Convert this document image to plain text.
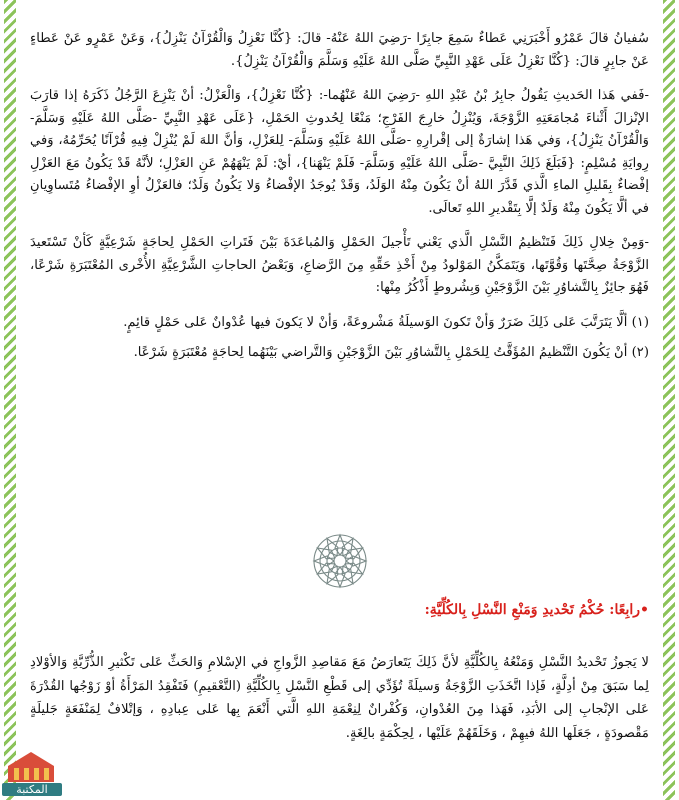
سُفيانُ قالَ عَمْرُو أَخْبَرَنِي عَطاءٌ سَمِعَ جابِرًا -رَضِيَ اللهُ عَنْهُ- قالَ: {كُنَّا نَعْزِلُ وَالْقُرْآنُ يَنْزِلُ}، وَعَنْ عَمْرٍو عَنْ عَطاءٍ عَنْ جابِرٍ قالَ: {كُنَّا نَعْزِلُ عَلَى عَهْدِ النَّبِيِّ صَلَّى اللهُ عَلَيْهِ وَسَلَّمَ وَالْقُرْآنُ يَنْزِلُ}.

-فَفي هَذا الحَديثِ يَقُولُ جابِرُ بْنُ عَبْدِ اللهِ -رَضِيَ اللهُ عَنْهُما-: {كُنَّا نَعْزِلُ}، وَالْعَزْلُ: أنْ يَنْزِعَ الرَّجُلُ ذَكَرَهُ إذا قارَبَ الإنْزالَ أَثْناءَ مُجامَعَتِهِ الزَّوْجَةَ، وَيُنْزِلُ خارِجَ الفَرْجِ؛ مَنْعًا لِحُدوثِ الحَمْلِ، {عَلَى عَهْدِ النَّبِيِّ -صَلَّى اللهُ عَلَيْهِ وَسَلَّمَ- وَالْقُرْآنُ يَنْزِلُ}، وَفي هَذا إشارَةٌ إلى إقْرارِهِ -صَلَّى اللهُ عَلَيْهِ وَسَلَّمَ- لِلعَزْلِ، وَأنَّ اللهَ لَمْ يُنْزِلْ فِيهِ قُرْآنًا يُحَرِّمُهُ، وَفي رِوايَةِ مُسْلِمٍ: {فَبَلَغَ ذَلِكَ النَّبِيَّ -صَلَّى اللهُ عَلَيْهِ وَسَلَّمَ- فَلَمْ يَنْهَنا}، أيْ: لَمْ يَنْهَهُمْ عَنِ العَزْلِ؛ لأنَّهُ قَدْ يَكُونُ مَعَ العَزْلِ إفْضاءٌ بِقَليلِ الماءِ الَّذي قَدَّرَ اللهُ أنْ يَكُونَ مِنْهُ الوَلَدُ، وَقَدْ يُوجَدُ الإفْضاءُ وَلا يَكُونُ وَلَدٌ؛ فالعَزْلُ أوِ الإفْضاءُ مُتَساوِيانِ في ألَّا يَكُونَ مِنْهُ وَلَدٌ إلَّا بِتَقْديرِ اللهِ تَعالَى.

-وَمِنْ خِلالِ ذَلِكَ فَتَنْظيمُ النَّسْلِ الَّذي يَعْني تَأْجيلَ الحَمْلِ وَالمُباعَدَةَ بَيْنَ فَتَراتِ الحَمْلِ لِحاجَةٍ شَرْعِيَّةٍ كَأنْ تَسْتَعيدَ الزَّوْجَةُ صِحَّتَها وَقُوَّتَها، وَيَتَمَكَّنُ المَوْلودُ مِنْ أَخْذِ حَقِّهِ مِنَ الرَّضاعِ، وَبَعْضُ الحاجاتِ الشَّرْعِيَّةِ الأُخْرى المُعْتَبَرَةِ شَرْعًا، فَهُوَ جائِزٌ بِالتَّشاوُرِ بَيْنَ الزَّوْجَيْنِ وَبِشُروطٍ أَذْكُرُ مِنْها:

(١) ألَّا يَتَرَتَّبَ عَلى ذَلِكَ ضَرَرٌ وَأنْ تَكونَ الوَسيلَةُ مَشْروعَةً، وَأنْ لا يَكونَ فيها عُدْوانٌ عَلى حَمْلٍ قائِمٍ.

(٢) أنْ يَكُونَ التَّنْظيمُ المُؤَقَّتُ لِلحَمْلِ بِالتَّشاوُرِ بَيْنَ الزَّوْجَيْنِ وَالتَّراضي بَيْنَهُما لِحاجَةٍ مُعْتَبَرَةٍ شَرْعًا.

•رابِعًا: حُكْمُ تَحْديدِ وَمَنْعِ النَّسْلِ بِالكُلِّيَّةِ:

لا يَجوزُ تَحْديدُ النَّسْلِ وَمَنْعُهُ بِالكُلِّيَّةِ لأنَّ ذَلِكَ يَتَعارَضُ مَعَ مَقاصِدِ الزَّواجِ في الإسْلامِ وَالحَثِّ عَلى تَكْثيرِ الذُّرِّيَّةِ وَالأوْلادِ لِما سَبَقَ مِنْ أدِلَّةٍ، فَإذا اتَّخَذَتِ الزَّوْجَةُ وَسيلَةً تُؤَدِّي إلى قَطْعِ النَّسْلِ بِالكُلِّيَّةِ (التَّعْقيمِ) فَتَفْقِدُ المَرْأَةُ أوْ زَوْجُها القُدْرَةَ عَلى الإنْجابِ إلى الأبَدِ، فَهَذا مِنَ العُدْوانِ، وَكُفْرانٌ لِنِعْمَةِ اللهِ الَّتي أَنْعَمَ بِها عَلى عِبادِهِ ، وَإتْلافٌ لِمَنْفَعَةٍ جَليلَةٍ مَقْصودَةٍ ، جَعَلَها اللهُ فيهِمْ ، وَخَلَقَهُمْ عَلَيْها ، لِحِكْمَةٍ بالِغَةٍ.

المكتبة
